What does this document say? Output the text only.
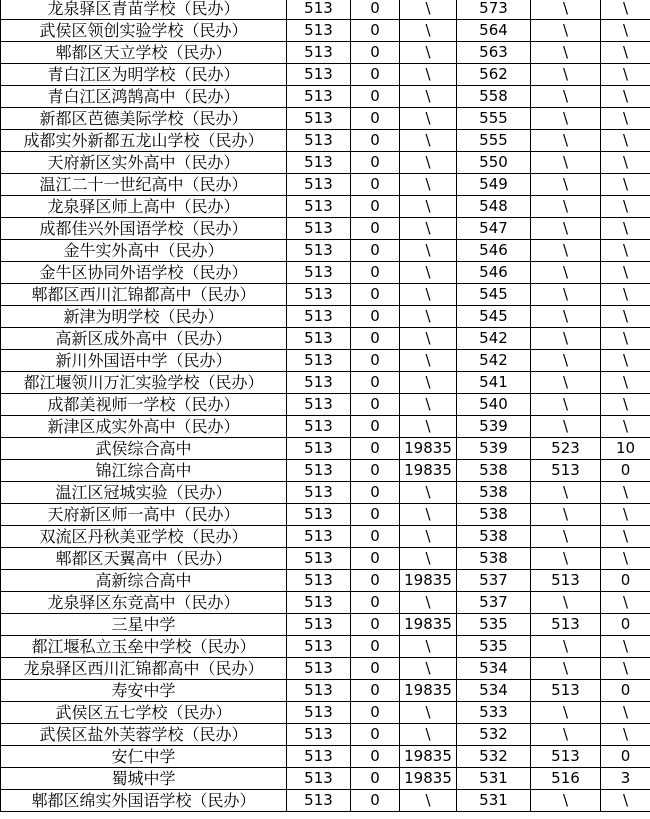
龙泉驿区青苗学校（民办）	513	0	\	573	\	\
武侯区领创实验学校（民办）	513	0	\	564	\	\
郫都区天立学校（民办）	513	0	\	563	\	\
青白江区为明学校（民办）	513	0	\	562	\	\
青白江区鸿鹄高中（民办）	513	0	\	558	\	\
新都区芭德美际学校（民办）	513	0	\	555	\	\
成都实外新都五龙山学校（民办）	513	0	\	555	\	\
天府新区实外高中（民办）	513	0	\	550	\	\
温江二十一世纪高中（民办）	513	0	\	549	\	\
龙泉驿区师上高中（民办）	513	0	\	548	\	\
成都佳兴外国语学校（民办）	513	0	\	547	\	\
金牛实外高中（民办）	513	0	\	546	\	\
金牛区协同外语学校（民办）	513	0	\	546	\	\
郫都区西川汇锦都高中（民办）	513	0	\	545	\	\
新津为明学校（民办）	513	0	\	545	\	\
高新区成外高中（民办）	513	0	\	542	\	\
新川外国语中学（民办）	513	0	\	542	\	\
都江堰领川万汇实验学校（民办）	513	0	\	541	\	\
成都美视师一学校（民办）	513	0	\	540	\	\
新津区成实外高中（民办）	513	0	\	539	\	\
武侯综合高中	513	0	19835	539	523	10
锦江综合高中	513	0	19835	538	513	0
温江区冠城实验（民办）	513	0	\	538	\	\
天府新区师一高中（民办）	513	0	\	538	\	\
双流区丹秋美亚学校（民办）	513	0	\	538	\	\
郫都区天翼高中（民办）	513	0	\	538	\	\
高新综合高中	513	0	19835	537	513	0
龙泉驿区东竞高中（民办）	513	0	\	537	\	\
三星中学	513	0	19835	535	513	0
都江堰私立玉垒中学校（民办）	513	0	\	535	\	\
龙泉驿区西川汇锦都高中（民办）	513	0	\	534	\	\
寿安中学	513	0	19835	534	513	0
武侯区五七学校（民办）	513	0	\	533	\	\
武侯区盐外芙蓉学校（民办）	513	0	\	532	\	\
安仁中学	513	0	19835	532	513	0
蜀城中学	513	0	19835	531	516	3
郫都区绵实外国语学校（民办）	513	0	\	531	\	\
